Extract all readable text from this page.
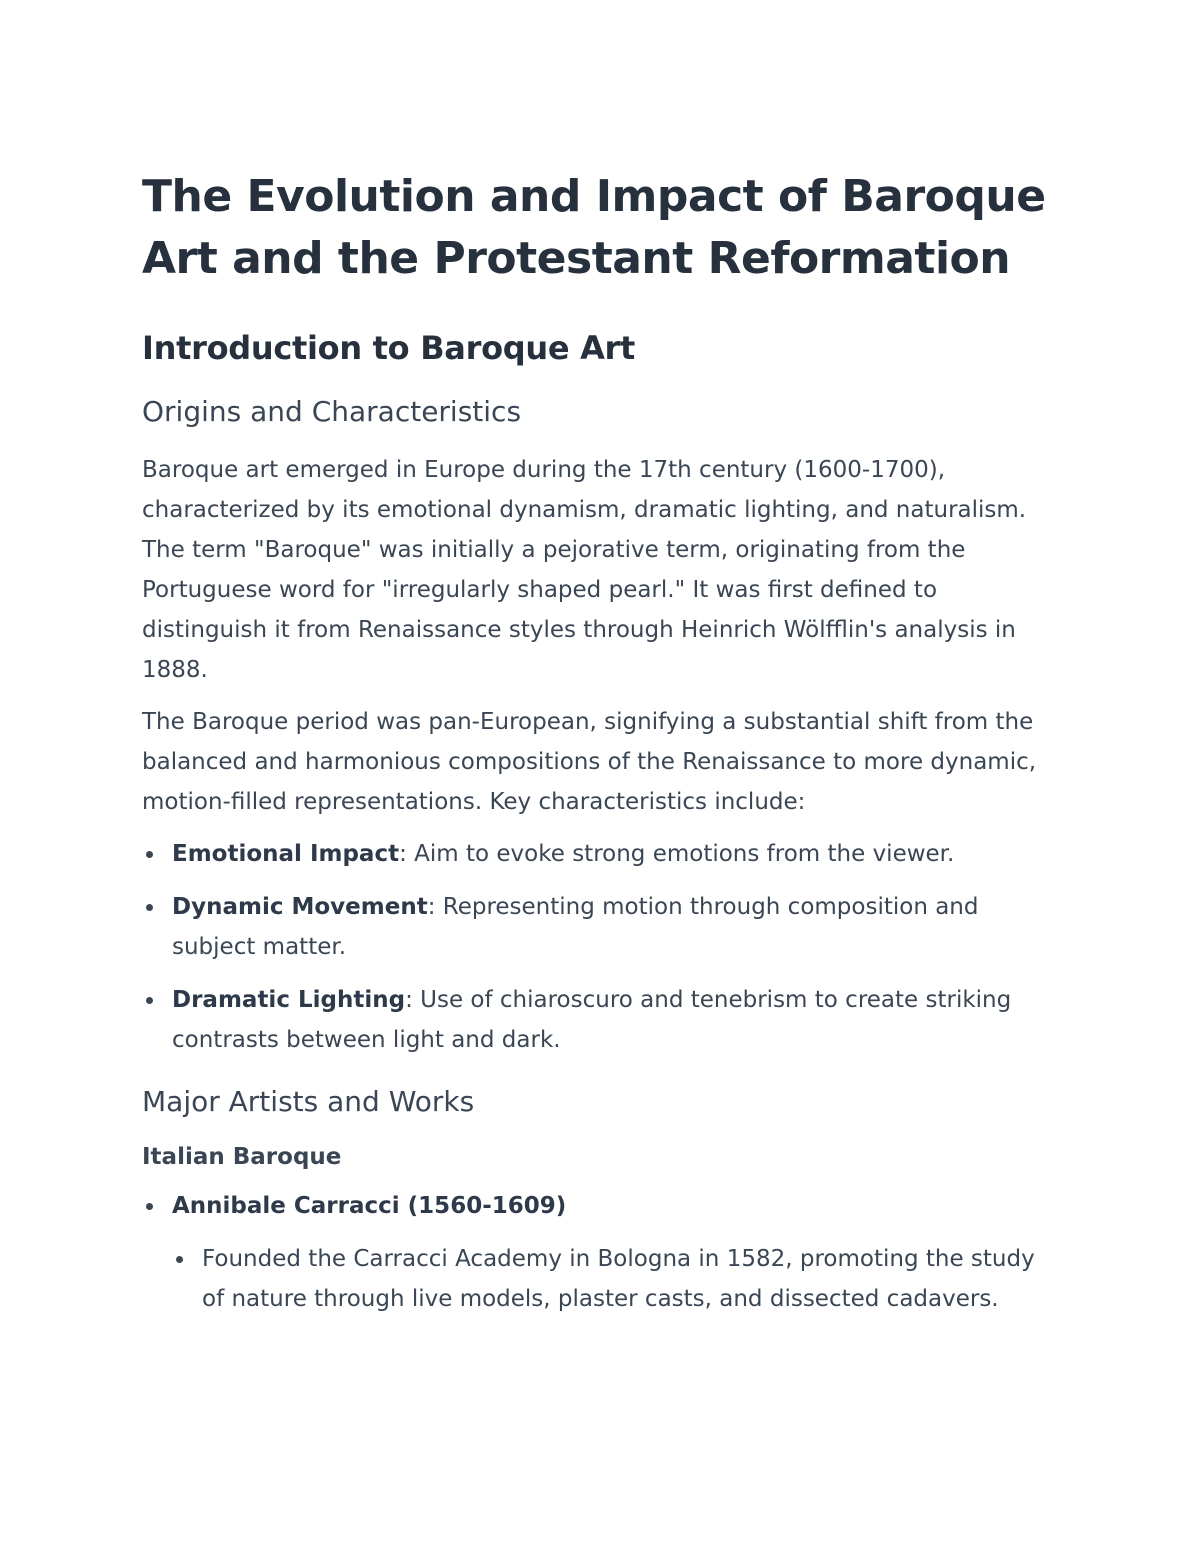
The Evolution and Impact of Baroque Art and the Protestant Reformation
Introduction to Baroque Art
Origins and Characteristics

Baroque art emerged in Europe during the 17th century (1600-1700), characterized by its emotional dynamism, dramatic lighting, and naturalism. The term "Baroque" was initially a pejorative term, originating from the Portuguese word for "irregularly shaped pearl." It was first defined to distinguish it from Renaissance styles through Heinrich Wölfflin's analysis in 1888.

The Baroque period was pan-European, signifying a substantial shift from the balanced and harmonious compositions of the Renaissance to more dynamic, motion-filled representations. Key characteristics include:

Emotional Impact: Aim to evoke strong emotions from the viewer.
Dynamic Movement: Representing motion through composition and subject matter.
Dramatic Lighting: Use of chiaroscuro and tenebrism to create striking contrasts between light and dark.
Major Artists and Works
Italian Baroque
Annibale Carracci (1560-1609)
Founded the Carracci Academy in Bologna in 1582, promoting the study of nature through live models, plaster casts, and dissected cadavers.
